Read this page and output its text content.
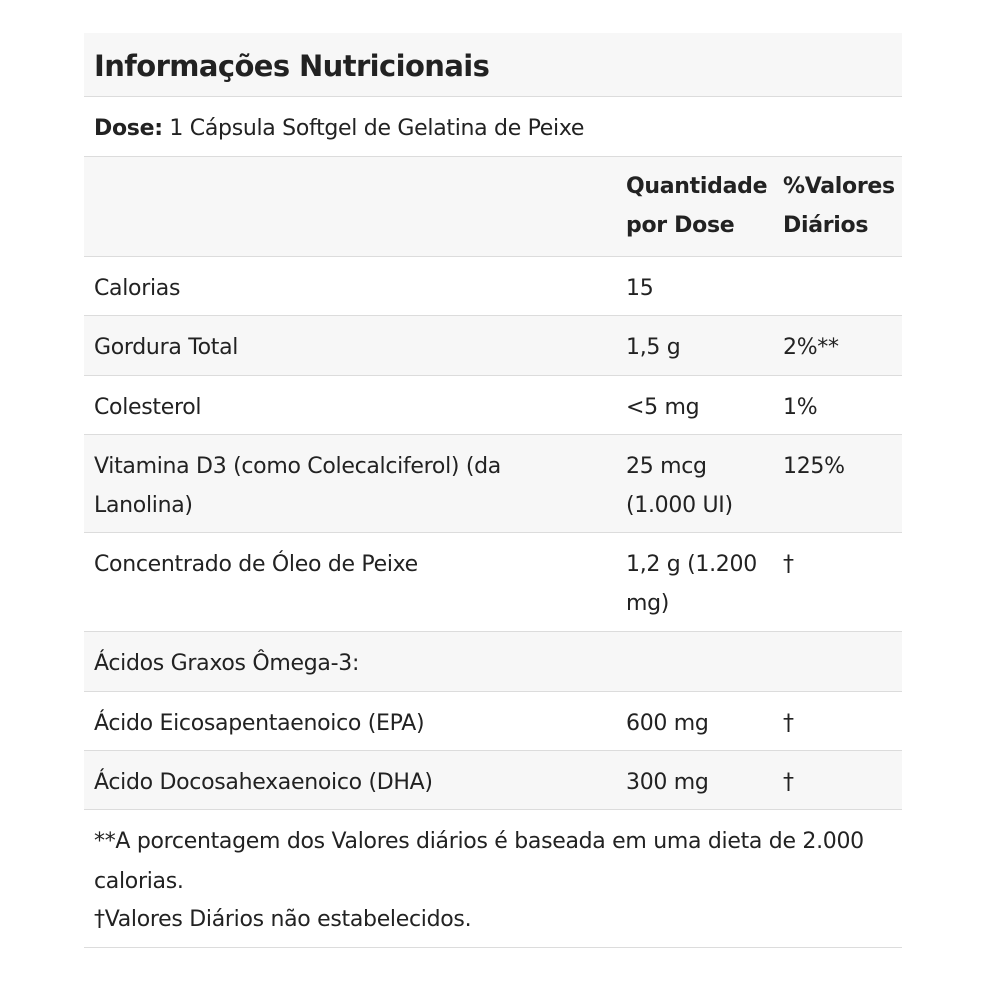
Informações Nutricionais
Dose: 1 Cápsula Softgel de Gelatina de Peixe
	Quantidade por Dose	%Valores Diários
Calorias	15	
Gordura Total	1,5 g	2%**
Colesterol	<5 mg	1%
Vitamina D3 (como Colecalciferol) (da Lanolina)	25 mcg (1.000 UI)	125%
Concentrado de Óleo de Peixe	1,2 g (1.200 mg)	†
Ácidos Graxos Ômega-3:		
Ácido Eicosapentaenoico (EPA)	600 mg	†
Ácido Docosahexaenoico (DHA)	300 mg	†

**A porcentagem dos Valores diários é baseada em uma dieta de 2.000 calorias.

†Valores Diários não estabelecidos.
